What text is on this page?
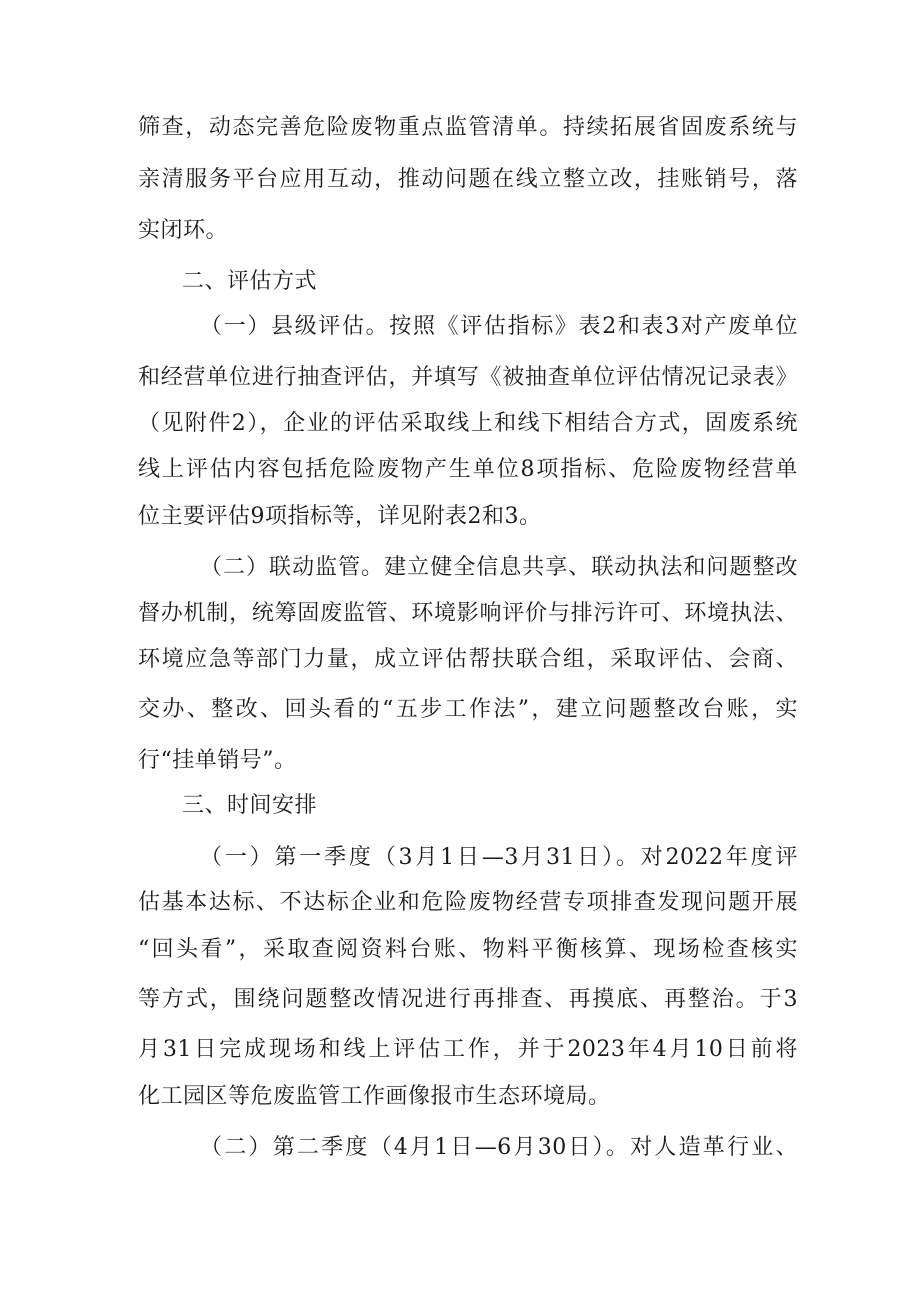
筛查，动态完善危险废物重点监管清单。持续拓展省固废系统与
亲清服务平台应用互动，推动问题在线立整立改，挂账销号，落
实闭环。
二、评估方式
（一）县级评估。按照《评估指标》表2和表3对产废单位
和经营单位进行抽查评估，并填写《被抽查单位评估情况记录表》
（见附件2），企业的评估采取线上和线下相结合方式，固废系统
线上评估内容包括危险废物产生单位8项指标、危险废物经营单
位主要评估9项指标等，详见附表2和3。
（二）联动监管。建立健全信息共享、联动执法和问题整改
督办机制，统筹固废监管、环境影响评价与排污许可、环境执法、
环境应急等部门力量，成立评估帮扶联合组，采取评估、会商、
交办、整改、回头看的“五步工作法”，建立问题整改台账，实
行“挂单销号”。
三、时间安排
（一）第一季度（3月1日—3月31日）。对2022年度评
估基本达标、不达标企业和危险废物经营专项排查发现问题开展
“回头看”，采取查阅资料台账、物料平衡核算、现场检查核实
等方式，围绕问题整改情况进行再排查、再摸底、再整治。于3
月31日完成现场和线上评估工作，并于2023年4月10日前将
化工园区等危废监管工作画像报市生态环境局。
（二）第二季度（4月1日—6月30日）。对人造革行业、
